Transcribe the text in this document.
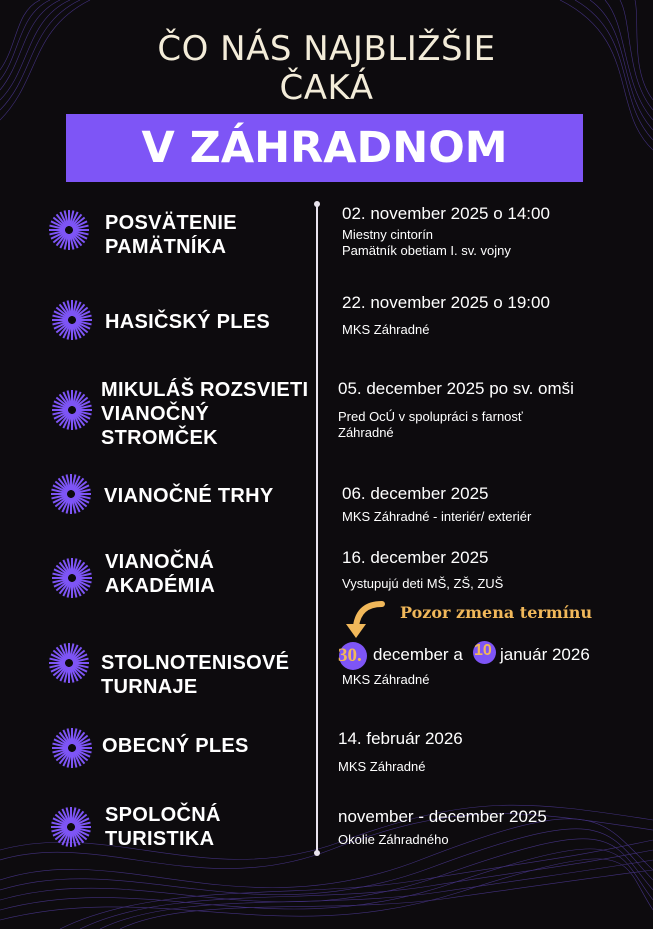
ČO NÁS NAJBLIŽŠIE
ČAKÁ
V ZÁHRADNOM
POSVÄTENIE PAMÄTNÍKA
HASIČSKÝ PLES
MIKULÁŠ ROZSVIETI VIANOČNÝ STROMČEK
VIANOČNÉ TRHY
VIANOČNÁ AKADÉMIA
STOLNOTENISOVÉ TURNAJE
OBECNÝ PLES
SPOLOČNÁ TURISTIKA
02. november 2025 o 14:00
22. november 2025 o 19:00
05. december 2025 po sv. omši
06. december 2025
16. december 2025
14. február 2026
november - december 2025
30. december a 10 január 2026
Pozor zmena termínu
Miestny cintorín
Pamätník obetiam I. sv. vojny
MKS Záhradné
Pred OcÚ v spolupráci s farnosť
Záhradné
MKS Záhradné - interiér/ exteriér
Vystupujú deti MŠ, ZŠ, ZUŠ
MKS Záhradné
MKS Záhradné
Okolie Záhradného
